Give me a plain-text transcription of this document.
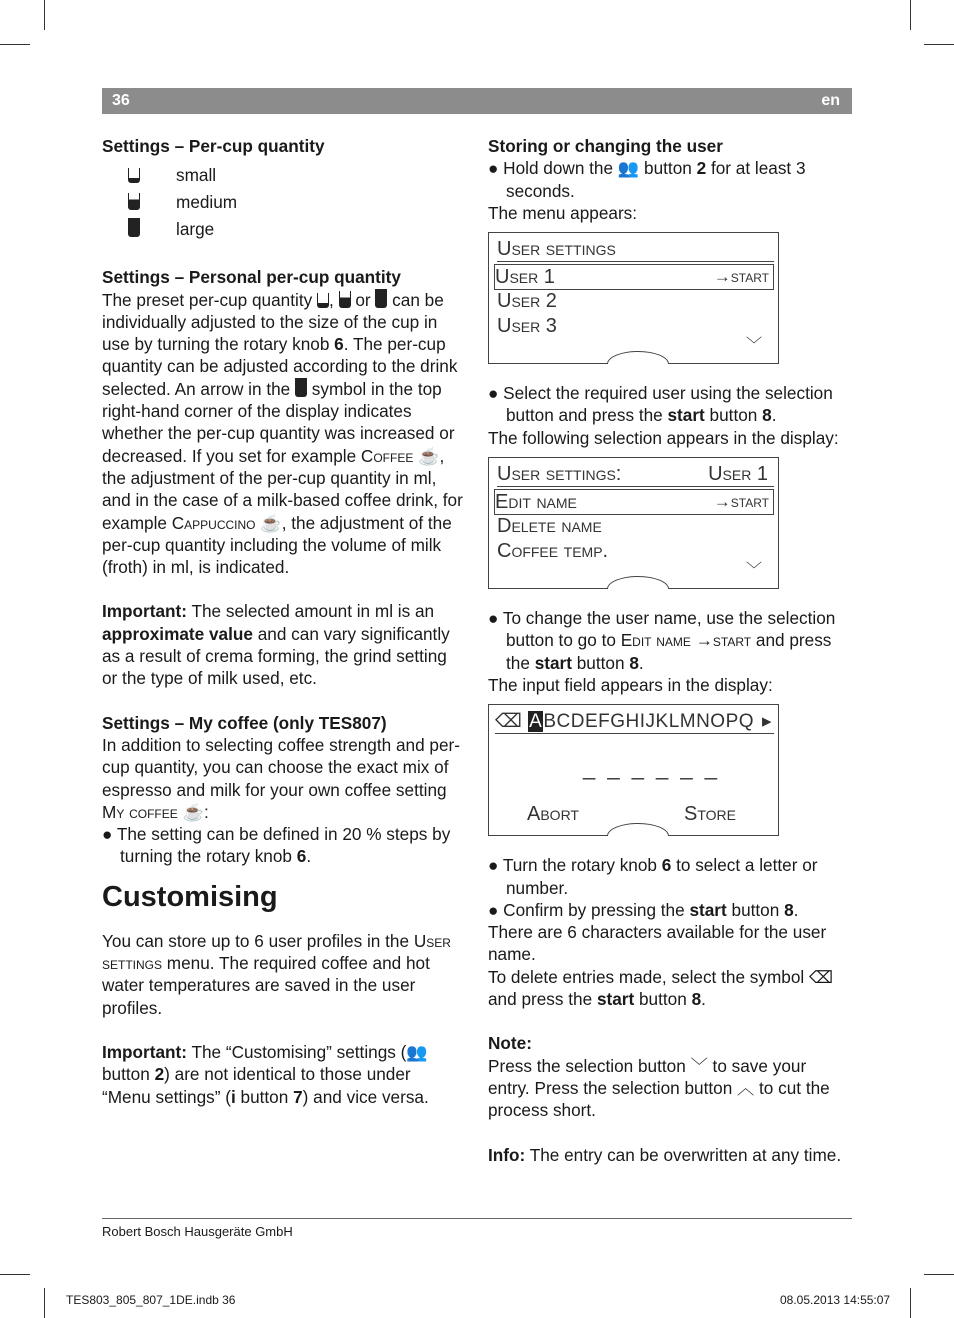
36	en

Settings – Per-cup quantity

small
medium
large

Settings – Personal per-cup quantity

The preset per-cup quantity ,  or can be individually adjusted to the size of the cup in use by turning the rotary knob 6. The per-cup quantity can be adjusted according to the drink selected. An arrow in the symbol in the top right-hand corner of the display indicates whether the per-cup quantity was increased or decreased. If you set for example Coffee ☕, the adjustment of the per-cup quantity in ml, and in the case of a milk-based coffee drink, for example Cappuccino ☕, the adjustment of the per-cup quantity including the volume of milk (froth) in ml, is indicated.

Important: The selected amount in ml is an approximate value and can vary significantly as a result of crema forming, the grind setting or the type of milk used, etc.

Settings – My coffee (only TES807)

In addition to selecting coffee strength and per-cup quantity, you can choose the exact mix of espresso and milk for your own coffee setting My coffee ☕:

● The setting can be defined in 20 % steps by turning the rotary knob 6.

Customising

You can store up to 6 user profiles in the User settings menu. The required coffee and hot water temperatures are saved in the user profiles.

Important: The “Customising” settings (👥 button 2) are not identical to those under “Menu settings” (i button 7) and vice versa.

Storing or changing the user

● Hold down the 👥 button 2 for at least 3 seconds.

The menu appears:

User settings
User 1	→start
User 2
User 3
﹀

● Select the required user using the selection button and press the start button 8.

The following selection appears in the display:

User settings:	User 1
Edit name	→start
Delete name
Coffee temp.
﹀

● To change the user name, use the selection button to go to Edit name →start and press the start button 8.

The input field appears in the display:

⌫ ABCDEFGHIJKLMNOPQ ▸
_ _ _ _ _ _
Abort	Store

● Turn the rotary knob 6 to select a letter or number.

● Confirm by pressing the start button 8.

There are 6 characters available for the user name.

To delete entries made, select the symbol ⌫ and press the start button 8.

Note:

Press the selection button ﹀ to save your entry. Press the selection button ︿ to cut the process short.

Info: The entry can be overwritten at any time.

Robert Bosch Hausgeräte GmbH
TES803_805_807_1DE.indb 36	08.05.2013 14:55:07
